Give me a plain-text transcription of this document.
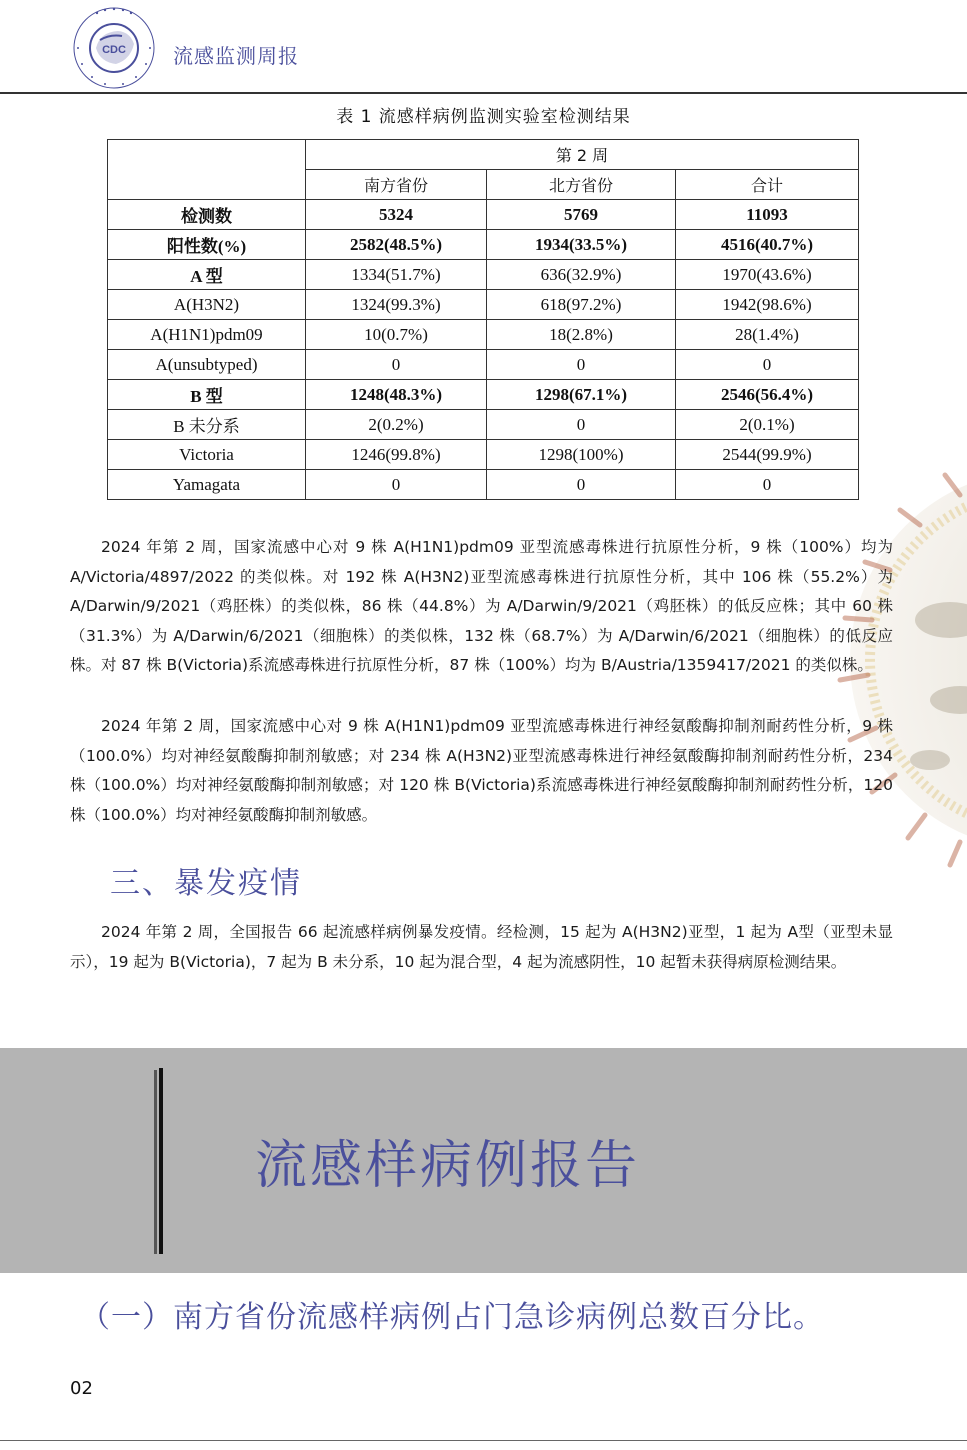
CDC 流感监测周报
表 1 流感样病例监测实验室检测结果
	第 2 周		
	南方省份	北方省份	合计
检测数	5324	5769	11093
阳性数(%)	2582(48.5%)	1934(33.5%)	4516(40.7%)
A 型	1334(51.7%)	636(32.9%)	1970(43.6%)
A(H3N2)	1324(99.3%)	618(97.2%)	1942(98.6%)
A(H1N1)pdm09	10(0.7%)	18(2.8%)	28(1.4%)
A(unsubtyped)	0	0	0
B 型	1248(48.3%)	1298(67.1%)	2546(56.4%)
B 未分系	2(0.2%)	0	2(0.1%)
Victoria	1246(99.8%)	1298(100%)	2544(99.9%)
Yamagata	0	0	0
2024 年第 2 周，国家流感中心对 9 株 A(H1N1)pdm09 亚型流感毒株进行抗原性分析，9 株（100%）均为 A/Victoria/4897/2022 的类似株。对 192 株 A(H3N2)亚型流感毒株进行抗原性分析，其中 106 株（55.2%）为 A/Darwin/9/2021（鸡胚株）的类似株，86 株（44.8%）为 A/Darwin/9/2021（鸡胚株）的低反应株；其中 60 株（31.3%）为 A/Darwin/6/2021（细胞株）的类似株，132 株（68.7%）为 A/Darwin/6/2021（细胞株）的低反应株。对 87 株 B(Victoria)系流感毒株进行抗原性分析，87 株（100%）均为 B/Austria/1359417/2021 的类似株。
2024 年第 2 周，国家流感中心对 9 株 A(H1N1)pdm09 亚型流感毒株进行神经氨酸酶抑制剂耐药性分析，9 株（100.0%）均对神经氨酸酶抑制剂敏感；对 234 株 A(H3N2)亚型流感毒株进行神经氨酸酶抑制剂耐药性分析，234 株（100.0%）均对神经氨酸酶抑制剂敏感；对 120 株 B(Victoria)系流感毒株进行神经氨酸酶抑制剂耐药性分析，120 株（100.0%）均对神经氨酸酶抑制剂敏感。
三、暴发疫情
2024 年第 2 周，全国报告 66 起流感样病例暴发疫情。经检测，15 起为 A(H3N2)亚型，1 起为 A型（亚型未显示），19 起为 B(Victoria)，7 起为 B 未分系，10 起为混合型，4 起为流感阴性，10 起暂未获得病原检测结果。
流感样病例报告
（一）南方省份流感样病例占门急诊病例总数百分比。
02
